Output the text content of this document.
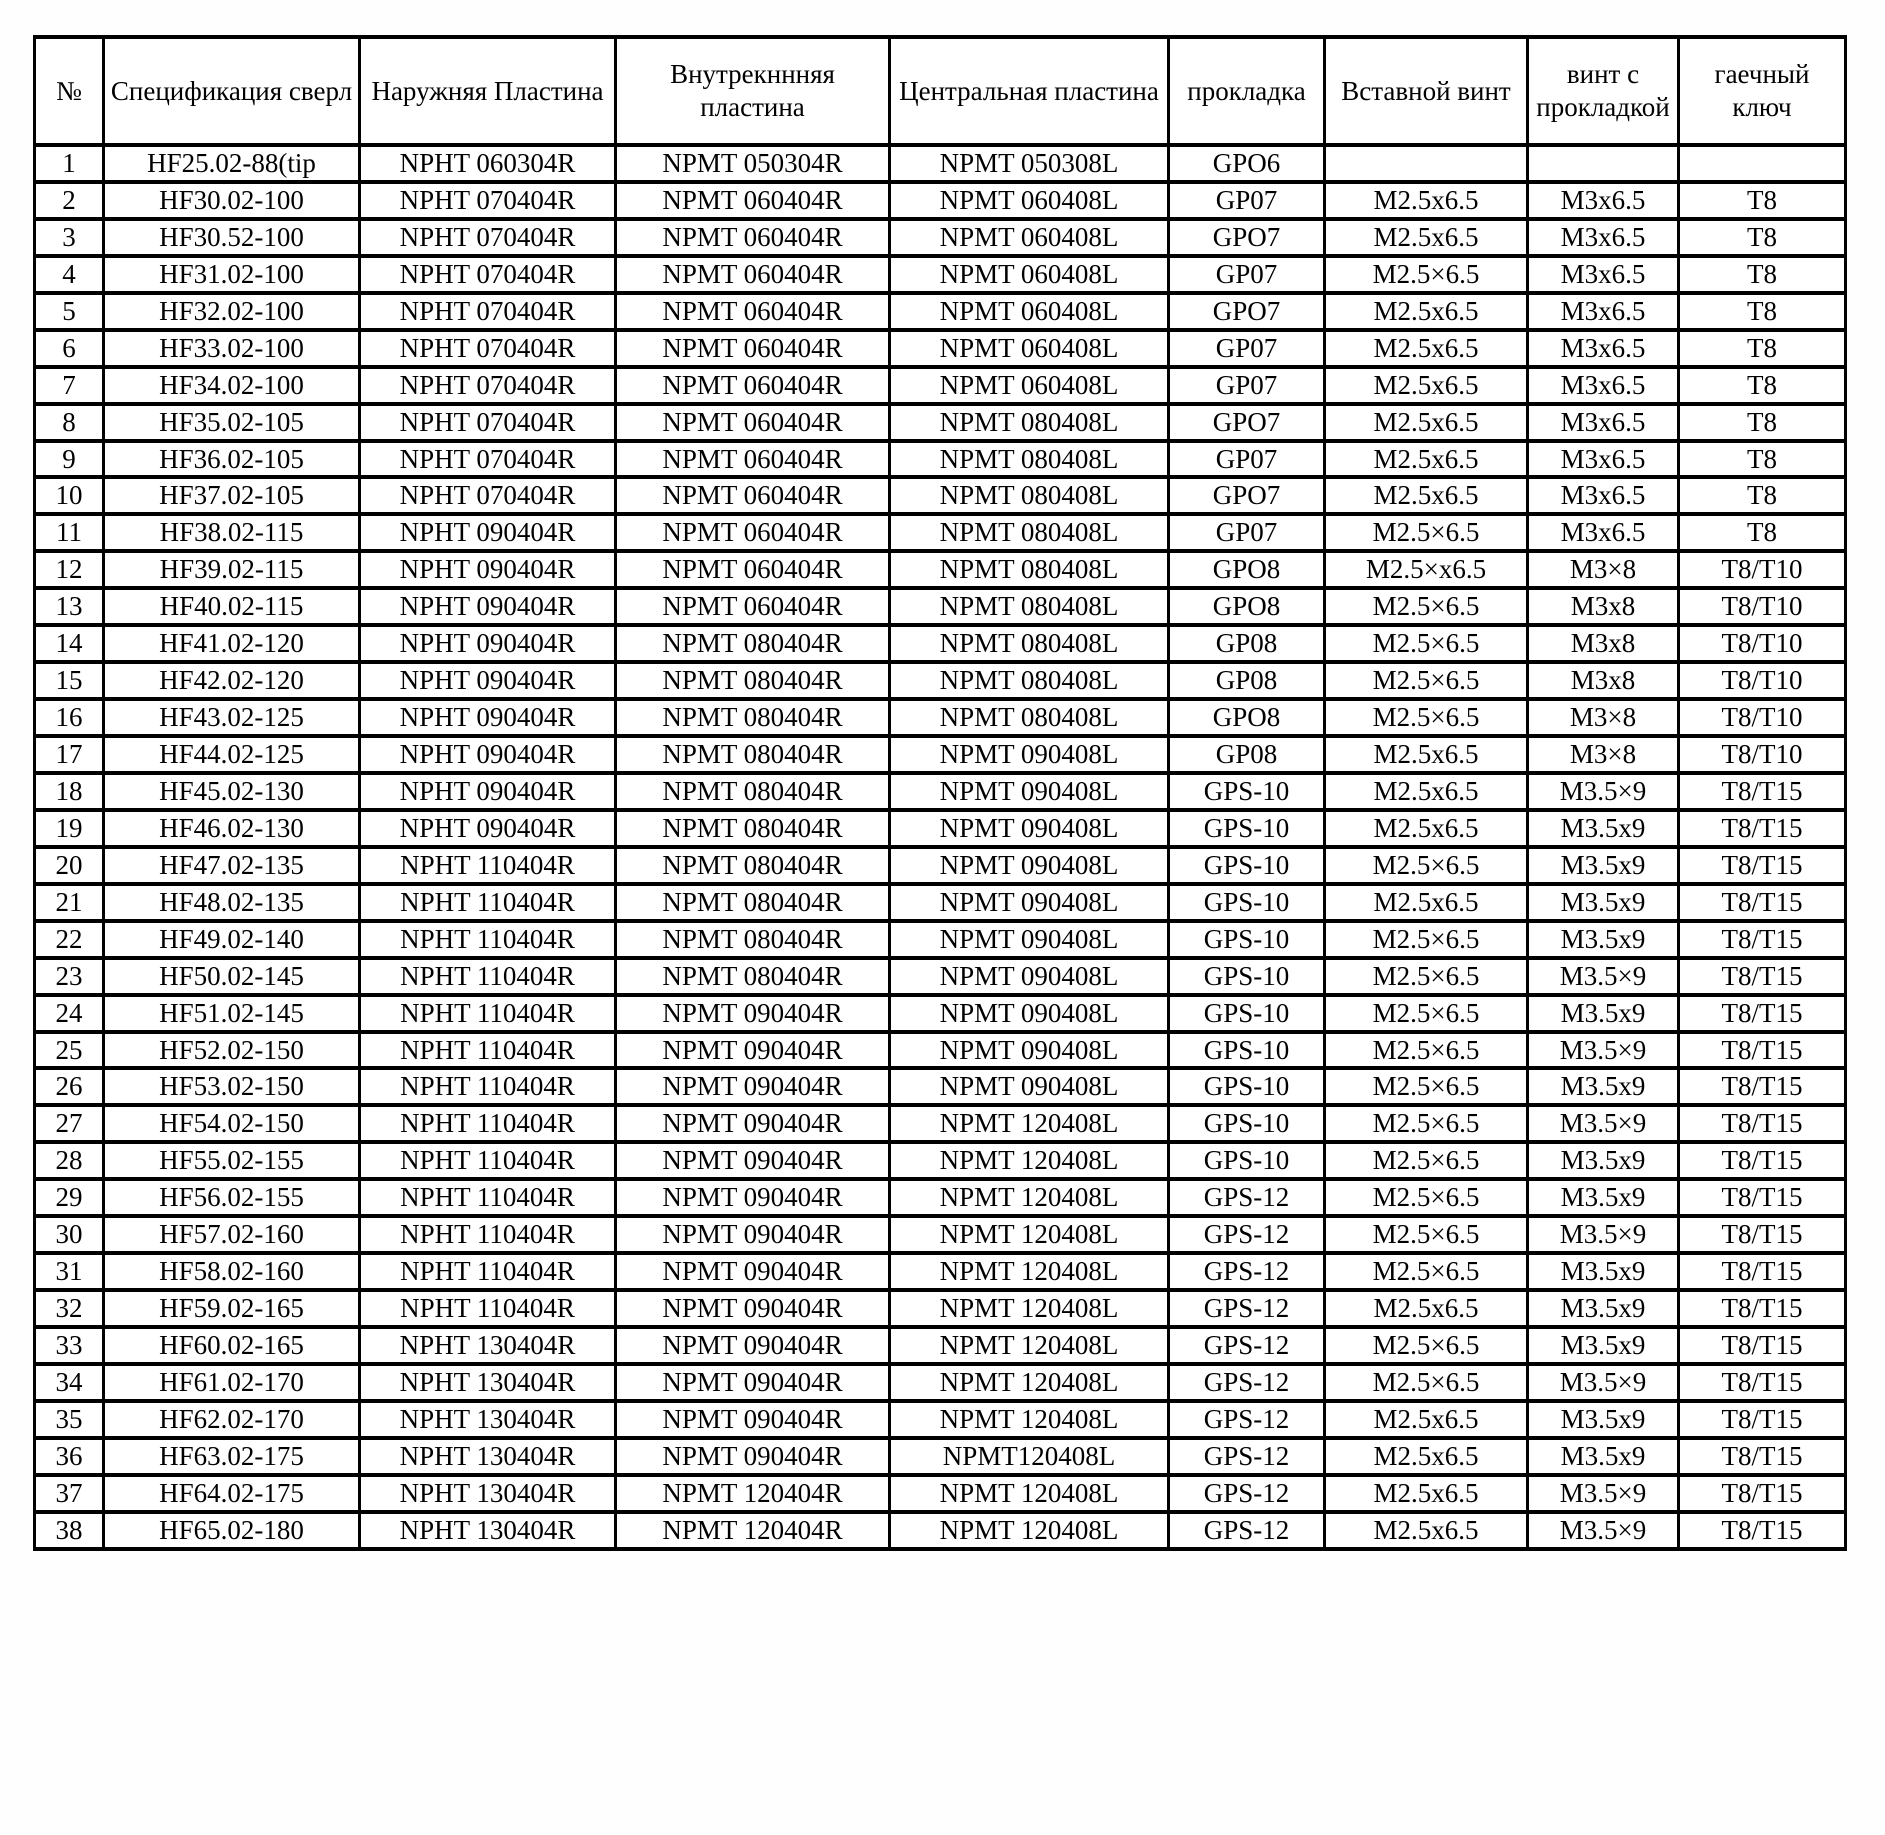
№	Спецификация сверл	Наружняя Пластина	Внутрекннняя пластина	Центральная пластина	прокладка	Вставной винт	винт с прокладкой	гаечный ключ
1	HF25.02-88(tip	NPHT 060304R	NPMT 050304R	NPMT 050308L	GPO6			
2	HF30.02-100	NPHT 070404R	NPMT 060404R	NPMT 060408L	GP07	M2.5x6.5	M3x6.5	T8
3	HF30.52-100	NPHT 070404R	NPMT 060404R	NPMT 060408L	GPO7	M2.5x6.5	M3x6.5	T8
4	HF31.02-100	NPHT 070404R	NPMT 060404R	NPMT 060408L	GP07	M2.5×6.5	M3x6.5	T8
5	HF32.02-100	NPHT 070404R	NPMT 060404R	NPMT 060408L	GPO7	M2.5x6.5	M3x6.5	T8
6	HF33.02-100	NPHT 070404R	NPMT 060404R	NPMT 060408L	GP07	M2.5x6.5	M3x6.5	T8
7	HF34.02-100	NPHT 070404R	NPMT 060404R	NPMT 060408L	GP07	M2.5x6.5	M3x6.5	T8
8	HF35.02-105	NPHT 070404R	NPMT 060404R	NPMT 080408L	GPO7	M2.5x6.5	M3x6.5	T8
9	HF36.02-105	NPHT 070404R	NPMT 060404R	NPMT 080408L	GP07	M2.5x6.5	M3x6.5	T8
10	HF37.02-105	NPHT 070404R	NPMT 060404R	NPMT 080408L	GPO7	M2.5x6.5	M3x6.5	T8
11	HF38.02-115	NPHT 090404R	NPMT 060404R	NPMT 080408L	GP07	M2.5×6.5	M3x6.5	T8
12	HF39.02-115	NPHT 090404R	NPMT 060404R	NPMT 080408L	GPO8	M2.5×x6.5	M3×8	T8/T10
13	HF40.02-115	NPHT 090404R	NPMT 060404R	NPMT 080408L	GPO8	M2.5×6.5	M3x8	T8/T10
14	HF41.02-120	NPHT 090404R	NPMT 080404R	NPMT 080408L	GP08	M2.5×6.5	M3x8	T8/T10
15	HF42.02-120	NPHT 090404R	NPMT 080404R	NPMT 080408L	GP08	M2.5×6.5	M3x8	T8/T10
16	HF43.02-125	NPHT 090404R	NPMT 080404R	NPMT 080408L	GPO8	M2.5×6.5	M3×8	T8/T10
17	HF44.02-125	NPHT 090404R	NPMT 080404R	NPMT 090408L	GP08	M2.5x6.5	M3×8	T8/T10
18	HF45.02-130	NPHT 090404R	NPMT 080404R	NPMT 090408L	GPS-10	M2.5x6.5	M3.5×9	T8/T15
19	HF46.02-130	NPHT 090404R	NPMT 080404R	NPMT 090408L	GPS-10	M2.5x6.5	M3.5x9	T8/T15
20	HF47.02-135	NPHT 110404R	NPMT 080404R	NPMT 090408L	GPS-10	M2.5×6.5	M3.5x9	T8/T15
21	HF48.02-135	NPHT 110404R	NPMT 080404R	NPMT 090408L	GPS-10	M2.5x6.5	M3.5x9	T8/T15
22	HF49.02-140	NPHT 110404R	NPMT 080404R	NPMT 090408L	GPS-10	M2.5×6.5	M3.5x9	T8/T15
23	HF50.02-145	NPHT 110404R	NPMT 080404R	NPMT 090408L	GPS-10	M2.5×6.5	M3.5×9	T8/T15
24	HF51.02-145	NPHT 110404R	NPMT 090404R	NPMT 090408L	GPS-10	M2.5×6.5	M3.5x9	T8/T15
25	HF52.02-150	NPHT 110404R	NPMT 090404R	NPMT 090408L	GPS-10	M2.5×6.5	M3.5×9	T8/T15
26	HF53.02-150	NPHT 110404R	NPMT 090404R	NPMT 090408L	GPS-10	M2.5×6.5	M3.5x9	T8/T15
27	HF54.02-150	NPHT 110404R	NPMT 090404R	NPMT 120408L	GPS-10	M2.5×6.5	M3.5×9	T8/T15
28	HF55.02-155	NPHT 110404R	NPMT 090404R	NPMT 120408L	GPS-10	M2.5×6.5	M3.5x9	T8/T15
29	HF56.02-155	NPHT 110404R	NPMT 090404R	NPMT 120408L	GPS-12	M2.5×6.5	M3.5x9	T8/T15
30	HF57.02-160	NPHT 110404R	NPMT 090404R	NPMT 120408L	GPS-12	M2.5×6.5	M3.5×9	T8/T15
31	HF58.02-160	NPHT 110404R	NPMT 090404R	NPMT 120408L	GPS-12	M2.5×6.5	M3.5x9	T8/T15
32	HF59.02-165	NPHT 110404R	NPMT 090404R	NPMT 120408L	GPS-12	M2.5x6.5	M3.5x9	T8/T15
33	HF60.02-165	NPHT 130404R	NPMT 090404R	NPMT 120408L	GPS-12	M2.5×6.5	M3.5x9	T8/T15
34	HF61.02-170	NPHT 130404R	NPMT 090404R	NPMT 120408L	GPS-12	M2.5×6.5	M3.5×9	T8/T15
35	HF62.02-170	NPHT 130404R	NPMT 090404R	NPMT 120408L	GPS-12	M2.5x6.5	M3.5x9	T8/T15
36	HF63.02-175	NPHT 130404R	NPMT 090404R	NPMT120408L	GPS-12	M2.5x6.5	M3.5x9	T8/T15
37	HF64.02-175	NPHT 130404R	NPMT 120404R	NPMT 120408L	GPS-12	M2.5x6.5	M3.5×9	T8/T15
38	HF65.02-180	NPHT 130404R	NPMT 120404R	NPMT 120408L	GPS-12	M2.5x6.5	M3.5×9	T8/T15
